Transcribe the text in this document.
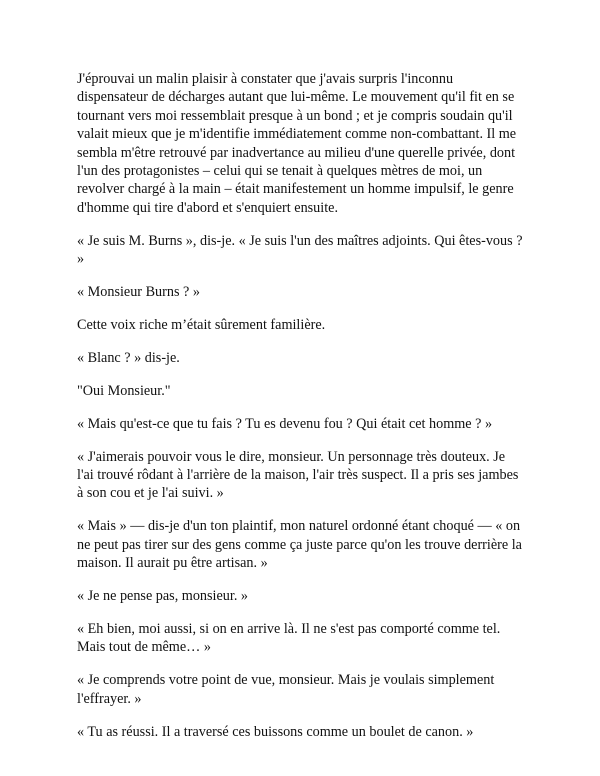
J'éprouvai un malin plaisir à constater que j'avais surpris l'inconnu dispensateur de décharges autant que lui-même. Le mouvement qu'il fit en se tournant vers moi ressemblait presque à un bond ; et je compris soudain qu'il valait mieux que je m'identifie immédiatement comme non-combattant. Il me sembla m'être retrouvé par inadvertance au milieu d'une querelle privée, dont l'un des protagonistes – celui qui se tenait à quelques mètres de moi, un revolver chargé à la main – était manifestement un homme impulsif, le genre d'homme qui tire d'abord et s'enquiert ensuite.

« Je suis M. Burns », dis-je. « Je suis l'un des maîtres adjoints. Qui êtes-vous ? »

« Monsieur Burns ? »

Cette voix riche m’était sûrement familière.

« Blanc ? » dis-je.

"Oui Monsieur."

« Mais qu'est-ce que tu fais ? Tu es devenu fou ? Qui était cet homme ? »

« J'aimerais pouvoir vous le dire, monsieur. Un personnage très douteux. Je l'ai trouvé rôdant à l'arrière de la maison, l'air très suspect. Il a pris ses jambes à son cou et je l'ai suivi. »

« Mais » — dis-je d'un ton plaintif, mon naturel ordonné étant choqué — « on ne peut pas tirer sur des gens comme ça juste parce qu'on les trouve derrière la maison. Il aurait pu être artisan. »

« Je ne pense pas, monsieur. »

« Eh bien, moi aussi, si on en arrive là. Il ne s'est pas comporté comme tel. Mais tout de même… »

« Je comprends votre point de vue, monsieur. Mais je voulais simplement l'effrayer. »

« Tu as réussi. Il a traversé ces buissons comme un boulet de canon. »
